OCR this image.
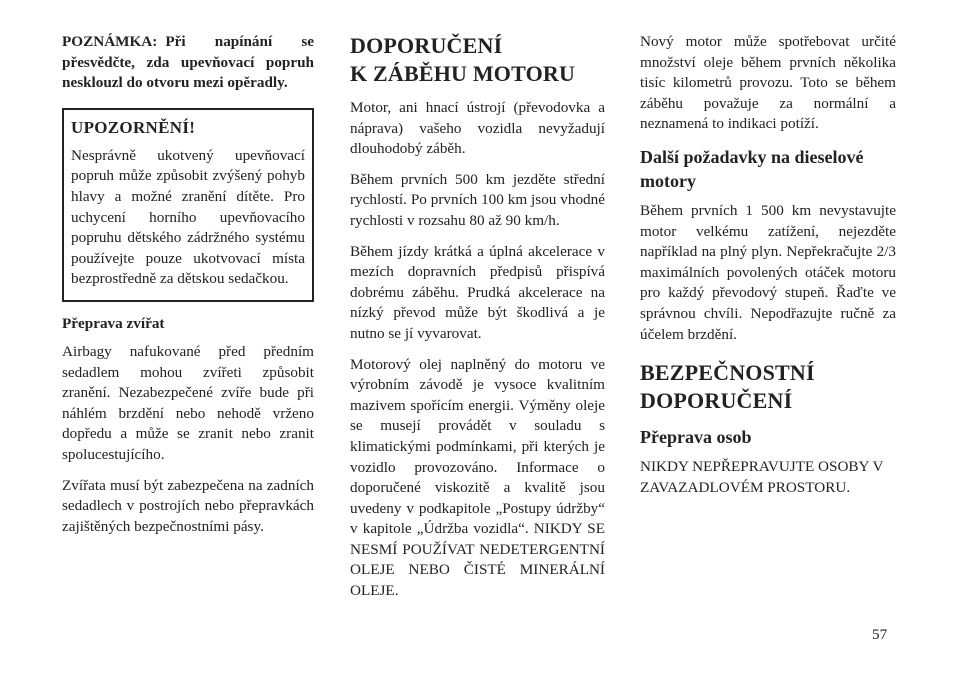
POZNÁMKA: Při napínání se přesvědčte, zda upevňovací popruh nesklouzl do otvoru mezi opěradly.

UPOZORNĚNÍ!

Nesprávně ukotvený upevňovací popruh může způsobit zvýšený pohyb hlavy a možné zranění dítěte. Pro uchycení horního upevňovacího popruhu dětského zádržného systému používejte pouze ukotvovací místa bezprostředně za dětskou sedačkou.

Přeprava zvířat

Airbagy nafukované před předním sedadlem mohou zvířeti způsobit zranění. Nezabezpečené zvíře bude při náhlém brzdění nebo nehodě vrženo dopředu a může se zranit nebo zranit spolucestujícího.

Zvířata musí být zabezpečena na zadních sedadlech v postrojích nebo přepravkách zajištěných bezpečnostními pásy.

DOPORUČENÍ
K ZÁBĚHU MOTORU

Motor, ani hnací ústrojí (převodovka a náprava) vašeho vozidla nevyžadují dlouhodobý záběh.

Během prvních 500 km jezděte střední rychlostí. Po prvních 100 km jsou vhodné rychlosti v rozsahu 80 až 90 km/h.

Během jízdy krátká a úplná akcelerace v mezích dopravních předpisů přispívá dobrému záběhu. Prudká akcelerace na nízký převod může být škodlivá a je nutno se jí vyvarovat.

Motorový olej naplněný do motoru ve výrobním závodě je vysoce kvalitním mazivem spořícím energii. Výměny oleje se musejí provádět v souladu s klimatickými podmínkami, při kterých je vozidlo provozováno. Informace o doporučené viskozitě a kvalitě jsou uvedeny v podkapitole „Postupy údržby“ v kapitole „Údržba vozidla“. NIKDY SE NESMÍ POUŽÍVAT NEDETERGENTNÍ OLEJE NEBO ČISTÉ MINERÁLNÍ OLEJE.

Nový motor může spotřebovat určité množství oleje během prvních několika tisíc kilometrů provozu. Toto se během záběhu považuje za normální a neznamená to indikaci potíží.

Další požadavky na dieselové motory

Během prvních 1 500 km nevystavujte motor velkému zatížení, nejezděte například na plný plyn. Nepřekračujte 2/3 maximálních povolených otáček motoru pro každý převodový stupeň. Řaďte ve správnou chvíli. Nepodřazujte ručně za účelem brzdění.

BEZPEČNOSTNÍ
DOPORUČENÍ
Přeprava osob

NIKDY NEPŘEPRAVUJTE OSOBY V ZAVAZADLOVÉM PROSTORU.

57
